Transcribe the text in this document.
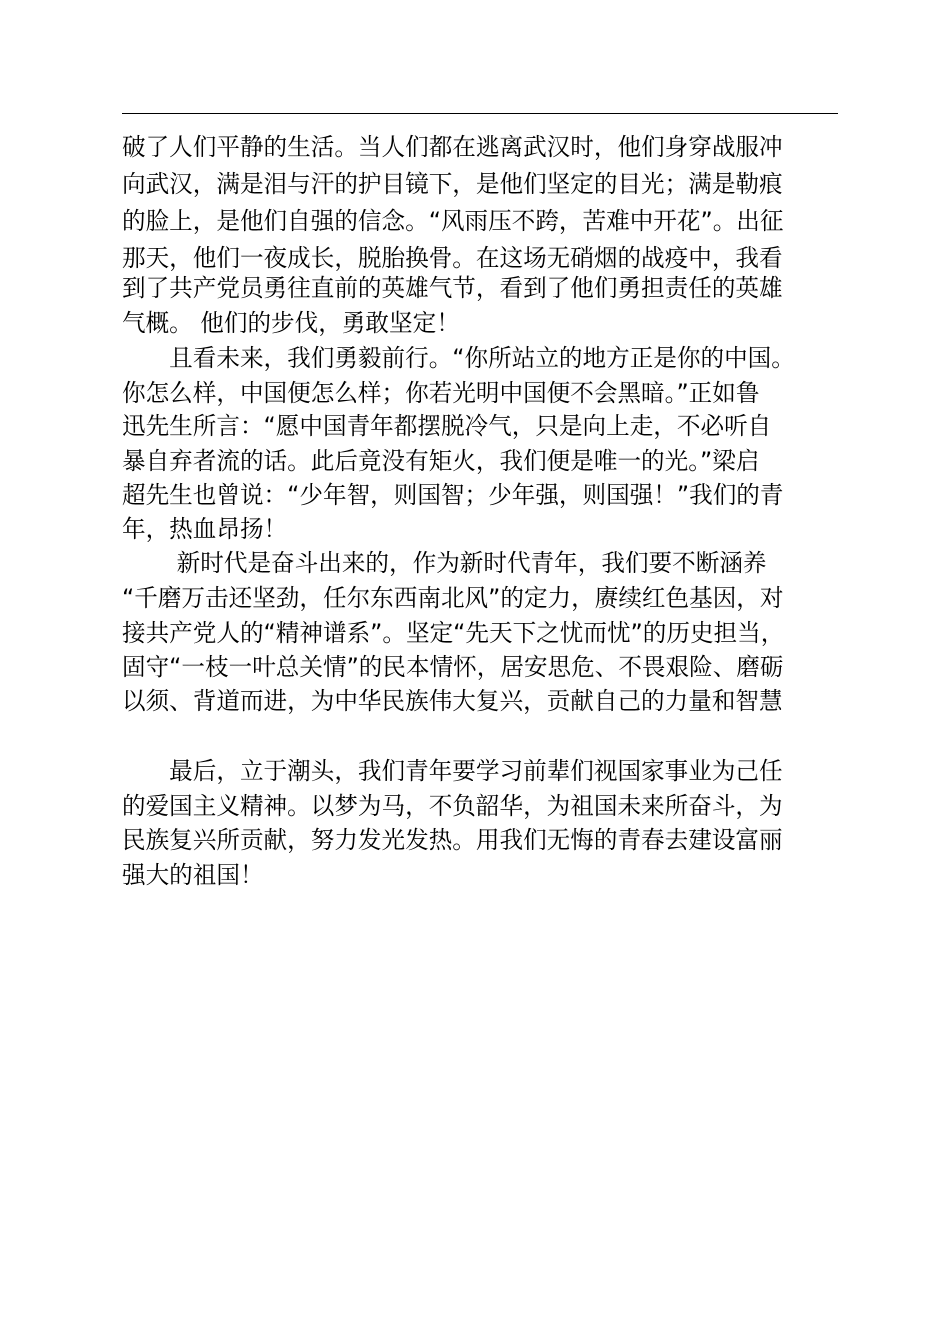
破了人们平静的生活。当人们都在逃离武汉时，他们身穿战服冲
向武汉，满是泪与汗的护目镜下，是他们坚定的目光；满是勒痕
的脸上，是他们自强的信念。“风雨压不跨，苦难中开花”。出征
那天，他们一夜成长，脱胎换骨。在这场无硝烟的战疫中，我看
到了共产党员勇往直前的英雄气节，看到了他们勇担责任的英雄
气概。 他们的步伐，勇敢坚定！
　　且看未来，我们勇毅前行。“你所站立的地方正是你的中国。
你怎么样，中国便怎么样；你若光明中国便不会黑暗。”正如鲁
迅先生所言：“愿中国青年都摆脱冷气，只是向上走，不必听自
暴自弃者流的话。此后竟没有矩火，我们便是唯一的光。”梁启
超先生也曾说：“少年智，则国智；少年强，则国强！”我们的青
年，热血昂扬！
　　 新时代是奋斗出来的，作为新时代青年，我们要不断涵养
“千磨万击还坚劲，任尔东西南北风”的定力，赓续红色基因，对
接共产党人的“精神谱系”。坚定“先天下之忧而忧”的历史担当，
固守“一枝一叶总关情”的民本情怀，居安思危、不畏艰险、磨砺
以须、背道而进，为中华民族伟大复兴，贡献自己的力量和智慧
　　最后，立于潮头，我们青年要学习前辈们视国家事业为己任
的爱国主义精神。以梦为马，不负韶华，为祖国未来所奋斗，为
民族复兴所贡献，努力发光发热。用我们无悔的青春去建设富丽
强大的祖国！
